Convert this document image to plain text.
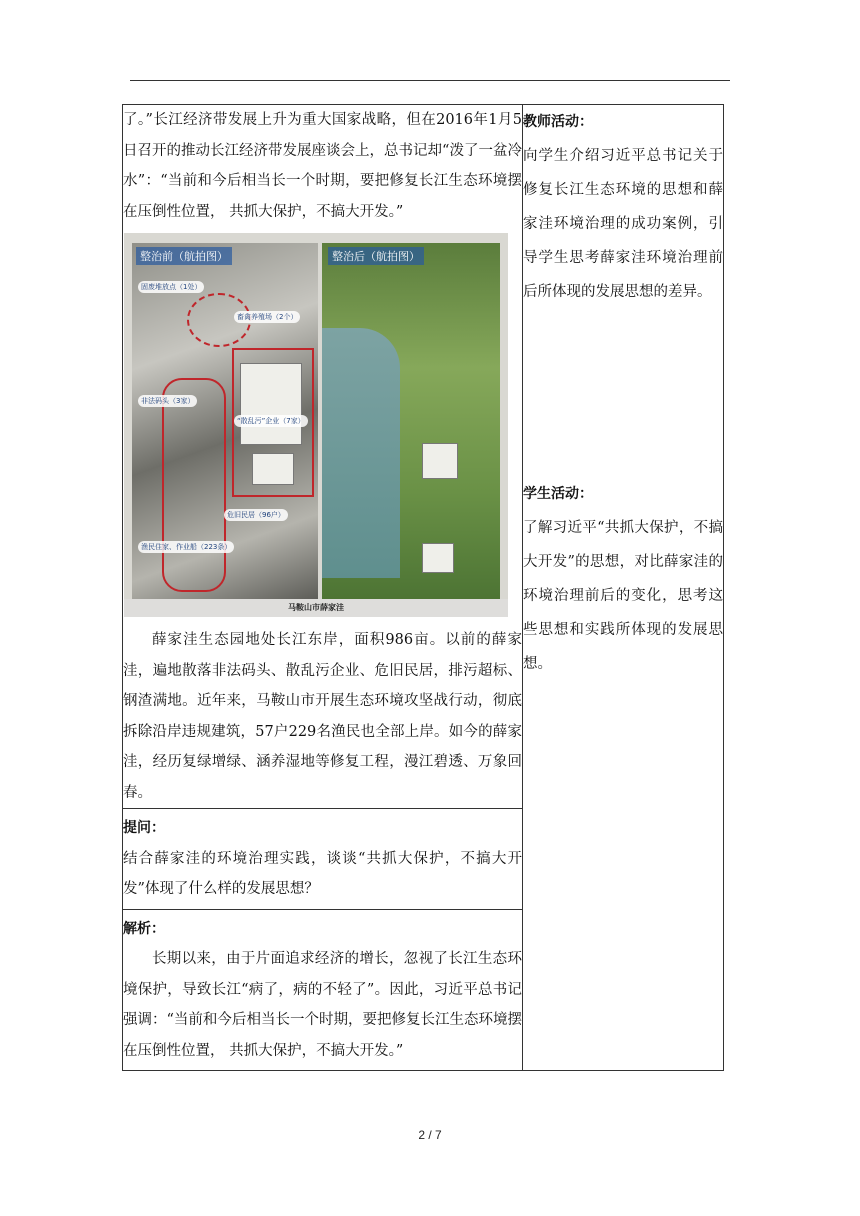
了。”长江经济带发展上升为重大国家战略，但在2016年1月5日召开的推动长江经济带发展座谈会上，总书记却“泼了一盆冷水”：“当前和今后相当长一个时期，要把修复长江生态环境摆在压倒性位置， 共抓大保护，不搞大开发。”

整治前（航拍图）	整治后（航拍图）
固废堆放点（1处）
畜禽养殖场（2个）
非法码头（3家）
“散乱污”企业（7家）
危旧民居（96户）
渔民住家、作业船（223条）
马鞍山市薛家洼

薛家洼生态园地处长江东岸，面积986亩。以前的薛家洼，遍地散落非法码头、散乱污企业、危旧民居，排污超标、钢渣满地。近年来，马鞍山市开展生态环境攻坚战行动，彻底拆除沿岸违规建筑，57户229名渔民也全部上岸。如今的薛家洼，经历复绿增绿、涵养湿地等修复工程，漫江碧透、万象回春。

教师活动：

向学生介绍习近平总书记关于修复长江生态环境的思想和薛家洼环境治理的成功案例，引导学生思考薛家洼环境治理前后所体现的发展思想的差异。

学生活动：

了解习近平“共抓大保护，不搞大开发”的思想，对比薛家洼的环境治理前后的变化，思考这些思想和实践所体现的发展思想。

提问：

结合薛家洼的环境治理实践，谈谈“共抓大保护，不搞大开发”体现了什么样的发展思想？

解析：

长期以来，由于片面追求经济的增长，忽视了长江生态环境保护，导致长江“病了，病的不轻了”。因此，习近平总书记强调：“当前和今后相当长一个时期，要把修复长江生态环境摆在压倒性位置， 共抓大保护，不搞大开发。”

2 / 7
